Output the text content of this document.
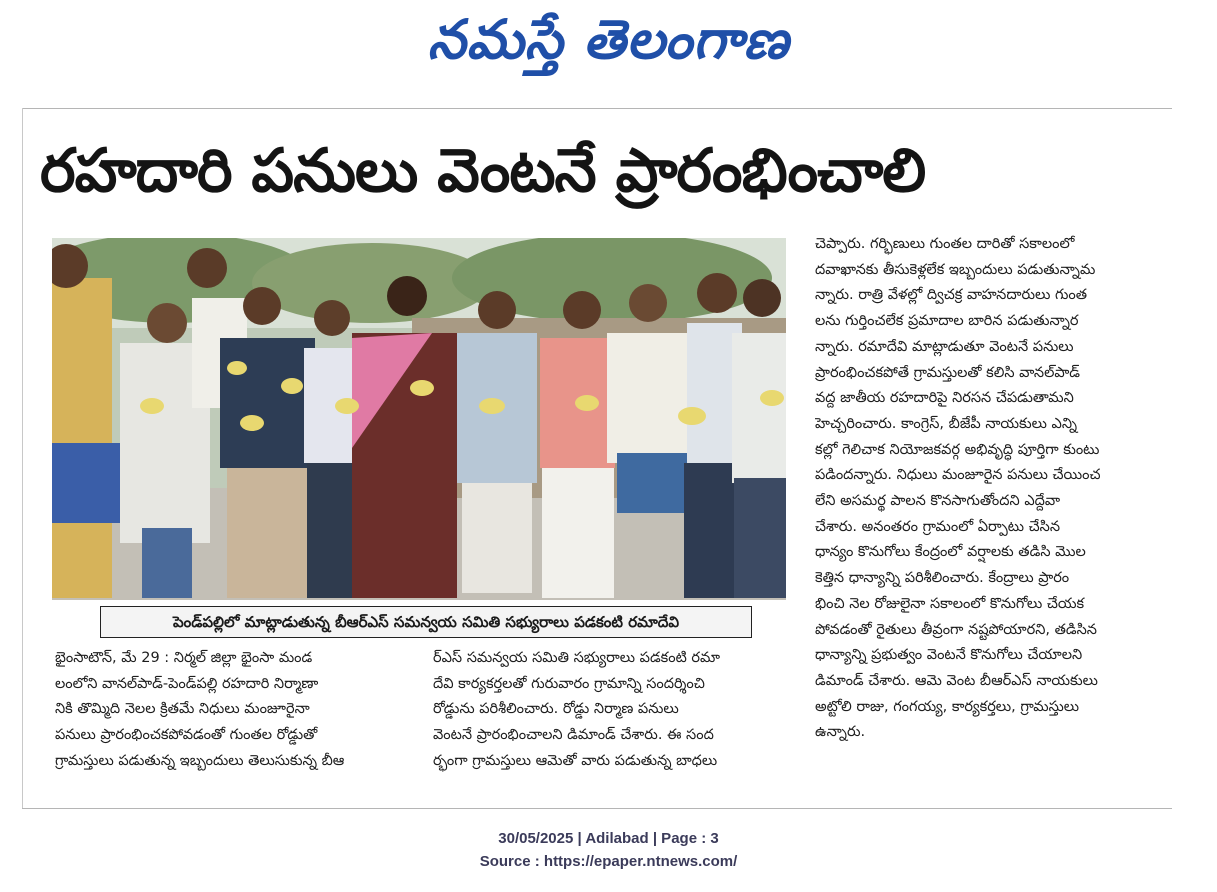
నమస్తే తెలంగాణ
రహదారి పనులు వెంటనే ప్రారంభించాలి
పెండ్‌పల్లిలో మాట్లాడుతున్న బీఆర్‌ఎస్ సమన్వయ సమితి సభ్యురాలు పడకంటి రమాదేవి
భైంసాటౌన్, మే 29 : నిర్మల్ జిల్లా భైంసా మండ
లంలోని వానల్‌పాడ్-పెండ్‌పల్లి రహదారి నిర్మాణా
నికి తొమ్మిది నెలల క్రితమే నిధులు మంజూరైనా
పనులు ప్రారంభించకపోవడంతో గుంతల రోడ్డుతో
గ్రామస్తులు పడుతున్న ఇబ్బందులు తెలుసుకున్న బీఆ
ర్‌ఎస్ సమన్వయ సమితి సభ్యురాలు పడకంటి రమా
దేవి కార్యకర్తలతో గురువారం గ్రామాన్ని సందర్శించి
రోడ్డును పరిశీలించారు. రోడ్డు నిర్మాణ పనులు
వెంటనే ప్రారంభించాలని డిమాండ్ చేశారు. ఈ సంద
ర్భంగా గ్రామస్తులు ఆమెతో వారు పడుతున్న బాధలు
చెప్పారు. గర్భిణులు గుంతల దారితో సకాలంలో
దవాఖానకు తీసుకెళ్లలేక ఇబ్బందులు పడుతున్నామ
న్నారు. రాత్రి వేళల్లో ద్విచక్ర వాహనదారులు గుంత
లను గుర్తించలేక ప్రమాదాల బారిన పడుతున్నార
న్నారు. రమాదేవి మాట్లాడుతూ వెంటనే పనులు
ప్రారంభించకపోతే గ్రామస్తులతో కలిసి వానల్‌పాడ్
వద్ద జాతీయ రహదారిపై నిరసన చేపడుతామని
హెచ్చరించారు. కాంగ్రెస్, బీజేపీ నాయకులు ఎన్ని
కల్లో గెలిచాక నియోజకవర్గ అభివృద్ధి పూర్తిగా కుంటు
పడిందన్నారు. నిధులు మంజూరైన పనులు చేయించ
లేని అసమర్థ పాలన కొనసాగుతోందని ఎద్దేవా
చేశారు. అనంతరం గ్రామంలో ఏర్పాటు చేసిన
ధాన్యం కొనుగోలు కేంద్రంలో వర్షాలకు తడిసి మొల
కెత్తిన ధాన్యాన్ని పరిశీలించారు. కేంద్రాలు ప్రారం
భించి నెల రోజులైనా సకాలంలో కొనుగోలు చేయక
పోవడంతో రైతులు తీవ్రంగా నష్టపోయారని, తడిసిన
ధాన్యాన్ని ప్రభుత్వం వెంటనే కొనుగోలు చేయాలని
డిమాండ్ చేశారు. ఆమె వెంట బీఆర్‌ఎస్ నాయకులు
అట్టోలి రాజు, గంగయ్య, కార్యకర్తలు, గ్రామస్తులు
ఉన్నారు.
30/05/2025 | Adilabad | Page : 3
Source : https://epaper.ntnews.com/
